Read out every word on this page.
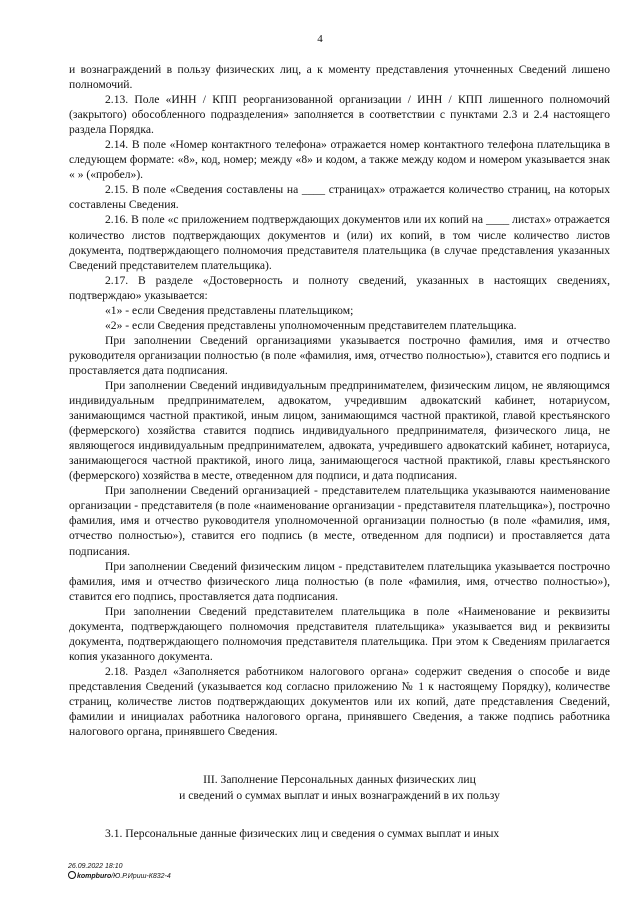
4

и вознаграждений в пользу физических лиц, а к моменту представления уточненных Сведений лишено полномочий.

2.13. Поле «ИНН / КПП реорганизованной организации / ИНН / КПП лишенного полномочий (закрытого) обособленного подразделения» заполняется в соответствии с пунктами 2.3 и 2.4 настоящего раздела Порядка.

2.14. В поле «Номер контактного телефона» отражается номер контактного телефона плательщика в следующем формате: «8», код, номер; между «8» и кодом, а также между кодом и номером указывается знак « » («пробел»).

2.15. В поле «Сведения составлены на ____ страницах» отражается количество страниц, на которых составлены Сведения.

2.16. В поле «с приложением подтверждающих документов или их копий на ____ листах» отражается количество листов подтверждающих документов и (или) их копий, в том числе количество листов документа, подтверждающего полномочия представителя плательщика (в случае представления указанных Сведений представителем плательщика).

2.17. В разделе «Достоверность и полноту сведений, указанных в настоящих сведениях, подтверждаю» указывается:

«1» - если Сведения представлены плательщиком;

«2» - если Сведения представлены уполномоченным представителем плательщика.

При заполнении Сведений организациями указывается построчно фамилия, имя и отчество руководителя организации полностью (в поле «фамилия, имя, отчество полностью»), ставится его подпись и проставляется дата подписания.

При заполнении Сведений индивидуальным предпринимателем, физическим лицом, не являющимся индивидуальным предпринимателем, адвокатом, учредившим адвокатский кабинет, нотариусом, занимающимся частной практикой, иным лицом, занимающимся частной практикой, главой крестьянского (фермерского) хозяйства ставится подпись индивидуального предпринимателя, физического лица, не являющегося индивидуальным предпринимателем, адвоката, учредившего адвокатский кабинет, нотариуса, занимающегося частной практикой, иного лица, занимающегося частной практикой, главы крестьянского (фермерского) хозяйства в месте, отведенном для подписи, и дата подписания.

При заполнении Сведений организацией - представителем плательщика указываются наименование организации - представителя (в поле «наименование организации - представителя плательщика»), построчно фамилия, имя и отчество руководителя уполномоченной организации полностью (в поле «фамилия, имя, отчество полностью»), ставится его подпись (в месте, отведенном для подписи) и проставляется дата подписания.

При заполнении Сведений физическим лицом - представителем плательщика указывается построчно фамилия, имя и отчество физического лица полностью (в поле «фамилия, имя, отчество полностью»), ставится его подпись, проставляется дата подписания.

При заполнении Сведений представителем плательщика в поле «Наименование и реквизиты документа, подтверждающего полномочия представителя плательщика» указывается вид и реквизиты документа, подтверждающего полномочия представителя плательщика. При этом к Сведениям прилагается копия указанного документа.

2.18. Раздел «Заполняется работником налогового органа» содержит сведения о способе и виде представления Сведений (указывается код согласно приложению № 1 к настоящему Порядку), количестве страниц, количестве листов подтверждающих документов или их копий, дате представления Сведений, фамилии и инициалах работника налогового органа, принявшего Сведения, а также подпись работника налогового органа, принявшего Сведения.

III. Заполнение Персональных данных физических лиц
и сведений о суммах выплат и иных вознаграждений в их пользу
3.1. Персональные данные физических лиц и сведения о суммах выплат и иных
26.09.2022 18:10
kompburo/Ю.Р.Ириш-К832-4
